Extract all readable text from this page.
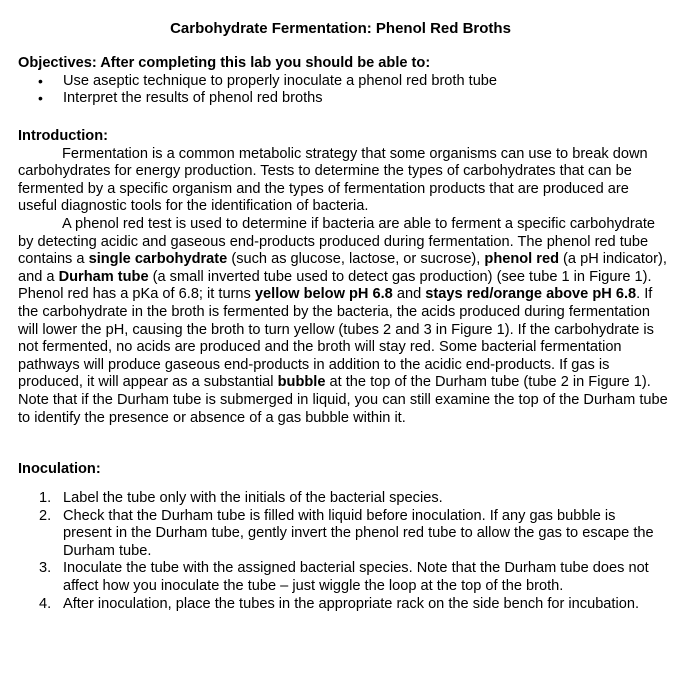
Carbohydrate Fermentation: Phenol Red Broths
Objectives: After completing this lab you should be able to:
• Use aseptic technique to properly inoculate a phenol red broth tube
• Interpret the results of phenol red broths
Introduction:

Fermentation is a common metabolic strategy that some organisms can use to break down carbohydrates for energy production. Tests to determine the types of carbohydrates that can be fermented by a specific organism and the types of fermentation products that are produced are useful diagnostic tools for the identification of bacteria.

A phenol red test is used to determine if bacteria are able to ferment a specific carbohydrate by detecting acidic and gaseous end-products produced during fermentation. The phenol red tube contains a single carbohydrate (such as glucose, lactose, or sucrose), phenol red (a pH indicator), and a Durham tube (a small inverted tube used to detect gas production) (see tube 1 in Figure 1). Phenol red has a pKa of 6.8; it turns yellow below pH 6.8 and stays red/orange above pH 6.8. If the carbohydrate in the broth is fermented by the bacteria, the acids produced during fermentation will lower the pH, causing the broth to turn yellow (tubes 2 and 3 in Figure 1). If the carbohydrate is not fermented, no acids are produced and the broth will stay red. Some bacterial fermentation pathways will produce gaseous end-products in addition to the acidic end-products. If gas is produced, it will appear as a substantial bubble at the top of the Durham tube (tube 2 in Figure 1). Note that if the Durham tube is submerged in liquid, you can still examine the top of the Durham tube to identify the presence or absence of a gas bubble within it.

Inoculation:
1. Label the tube only with the initials of the bacterial species.
2. Check that the Durham tube is filled with liquid before inoculation. If any gas bubble is present in the Durham tube, gently invert the phenol red tube to allow the gas to escape the Durham tube.
3. Inoculate the tube with the assigned bacterial species. Note that the Durham tube does not affect how you inoculate the tube – just wiggle the loop at the top of the broth.
4. After inoculation, place the tubes in the appropriate rack on the side bench for incubation.
